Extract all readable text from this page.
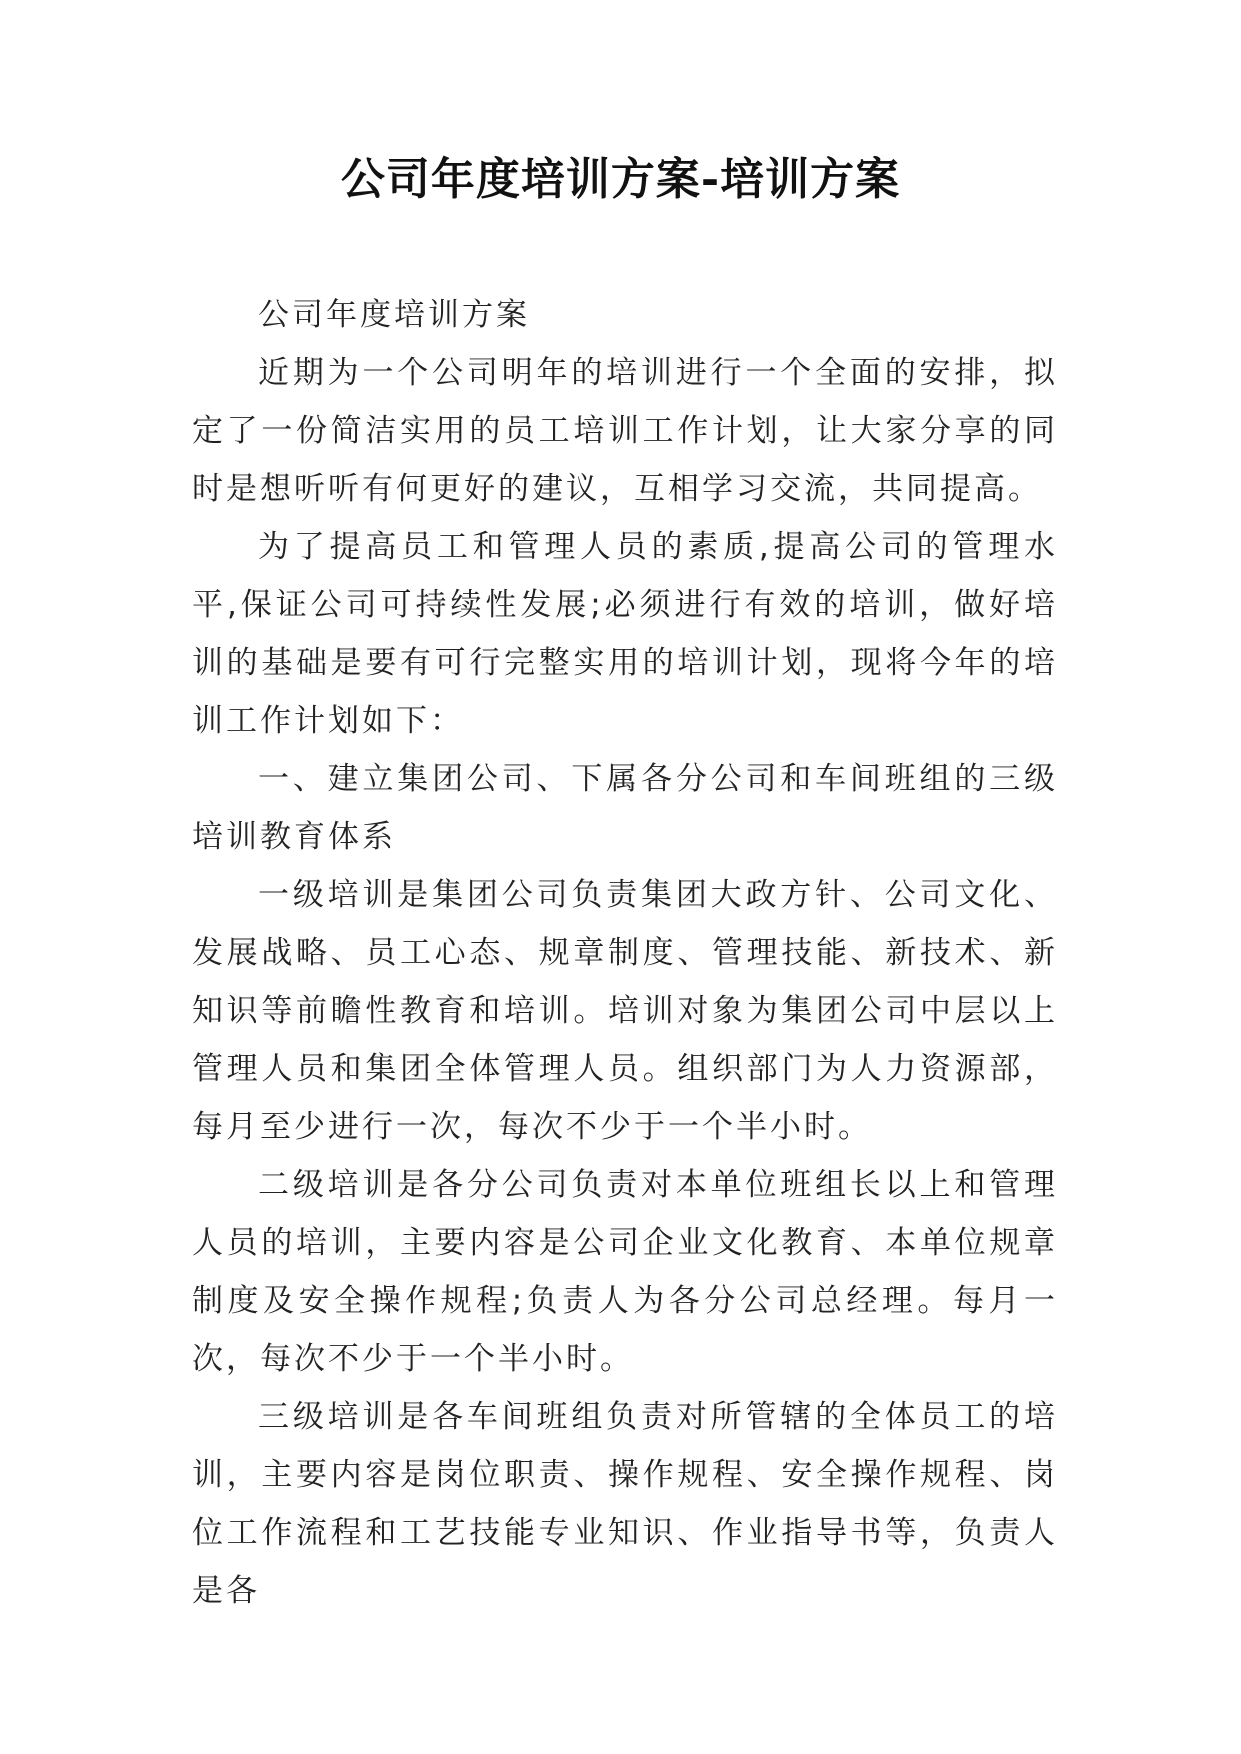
公司年度培训方案-培训方案

公司年度培训方案

近期为一个公司明年的培训进行一个全面的安排，拟定了一份简洁实用的员工培训工作计划，让大家分享的同时是想听听有何更好的建议，互相学习交流，共同提高。

为了提高员工和管理人员的素质,提高公司的管理水平,保证公司可持续性发展;必须进行有效的培训，做好培训的基础是要有可行完整实用的培训计划，现将今年的培训工作计划如下：

一、建立集团公司、下属各分公司和车间班组的三级培训教育体系

一级培训是集团公司负责集团大政方针、公司文化、发展战略、员工心态、规章制度、管理技能、新技术、新知识等前瞻性教育和培训。培训对象为集团公司中层以上管理人员和集团全体管理人员。组织部门为人力资源部，每月至少进行一次，每次不少于一个半小时。

二级培训是各分公司负责对本单位班组长以上和管理人员的培训，主要内容是公司企业文化教育、本单位规章制度及安全操作规程;负责人为各分公司总经理。每月一次，每次不少于一个半小时。

三级培训是各车间班组负责对所管辖的全体员工的培训，主要内容是岗位职责、操作规程、安全操作规程、岗位工作流程和工艺技能专业知识、作业指导书等，负责人是各
